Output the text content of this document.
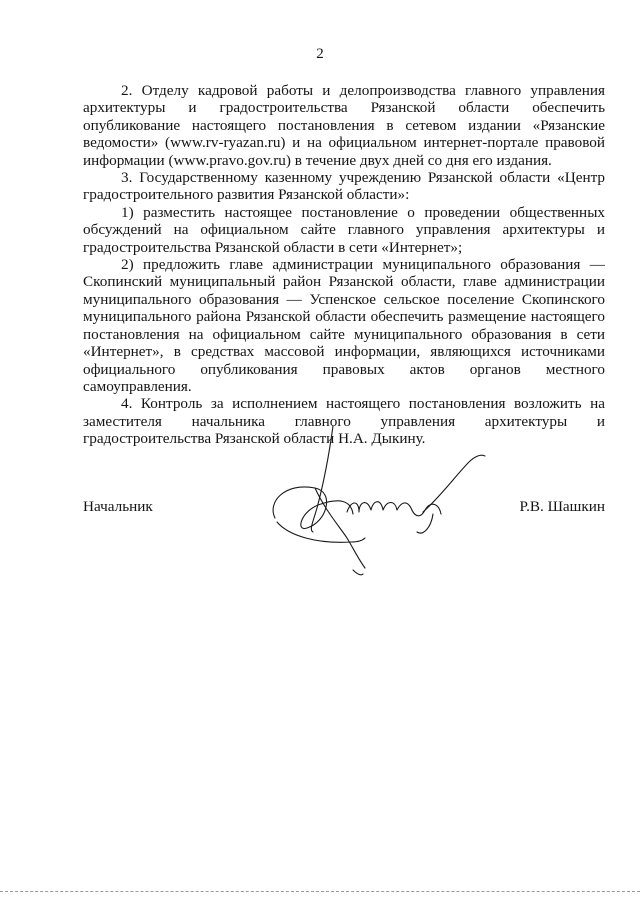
2

2. Отделу кадровой работы и делопроизводства главного управления архитектуры и градостроительства Рязанской области обеспечить опубликование настоящего постановления в сетевом издании «Рязанские ведомости» (www.rv-ryazan.ru) и на официальном интернет-портале правовой информации (www.pravo.gov.ru) в течение двух дней со дня его издания.

3. Государственному казенному учреждению Рязанской области «Центр градостроительного развития Рязанской области»:

1) разместить настоящее постановление о проведении общественных обсуждений на официальном сайте главного управления архитектуры и градостроительства Рязанской области в сети «Интернет»;

2) предложить главе администрации муниципального образования — Скопинский муниципальный район Рязанской области, главе администрации муниципального образования — Успенское сельское поселение Скопинского муниципального района Рязанской области обеспечить размещение настоящего постановления на официальном сайте муниципального образования в сети «Интернет», в средствах массовой информации, являющихся источниками официального опубликования правовых актов органов местного самоуправления.

4. Контроль за исполнением настоящего постановления возложить на заместителя начальника главного управления архитектуры и градостроительства Рязанской области Н.А. Дыкину.

Начальник	Р.В. Шашкин
